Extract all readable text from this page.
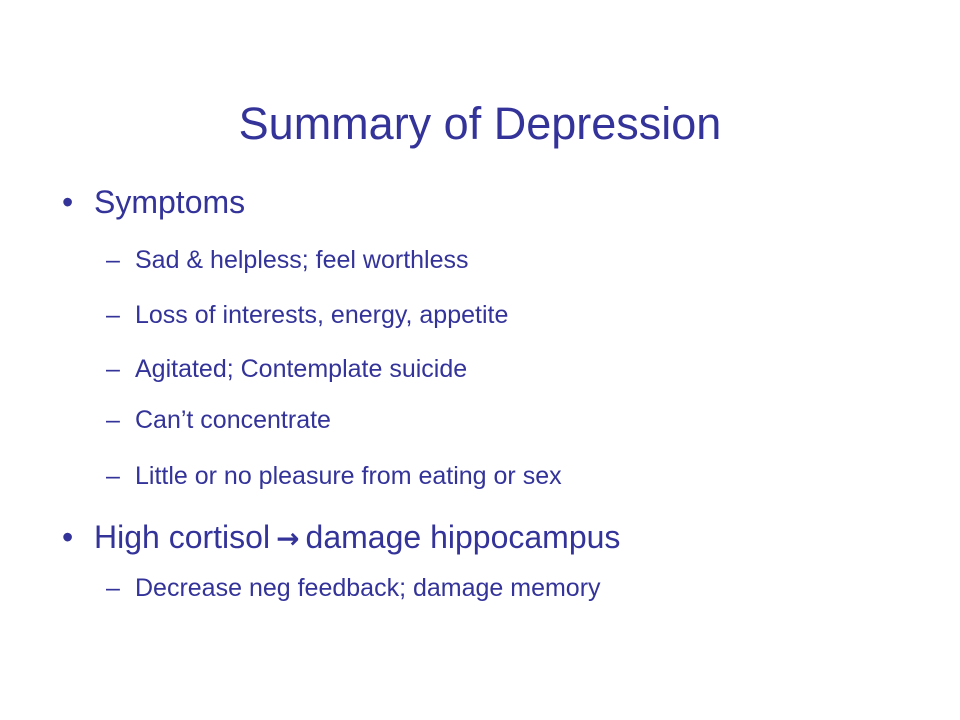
Summary of Depression
• Symptoms
– Sad & helpless; feel worthless
– Loss of interests, energy, appetite
– Agitated; Contemplate suicide
– Can’t concentrate
– Little or no pleasure from eating or sex
• High cortisol → damage hippocampus
– Decrease neg feedback; damage memory
